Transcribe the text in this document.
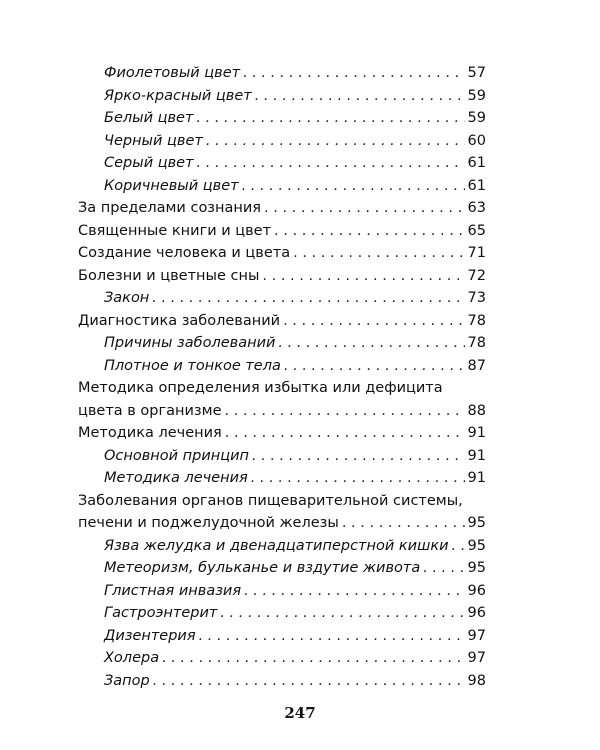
Фиолетовый цвет . . .	57
Ярко-красный цвет . . .	59
Белый цвет . . .	59
Черный цвет . . .	60
Серый цвет . . .	61
Коричневый цвет . . .	61
За пределами сознания . . .	63
Священные книги и цвет . . .	65
Создание человека и цвета . . .	71
Болезни и цветные сны . . .	72
Закон . . .	73
Диагностика заболеваний . . .	78
Причины заболеваний . . .	78
Плотное и тонкое тела . . .	87
Методика определения избытка или дефицита
цвета в организме . . .	88
Методика лечения . . .	91
Основной принцип . . .	91
Методика лечения . . .	91
Заболевания органов пищеварительной системы,
печени и поджелудочной железы . . .	95
Язва желудка и двенадцатиперстной кишки . . . 95
Метеоризм, бульканье и вздутие живота . . .	95
Глистная инвазия . . .	96
Гастроэнтерит . . .	96
Дизентерия . . .	97
Холера . . .	97
Запор . . .	98
247
